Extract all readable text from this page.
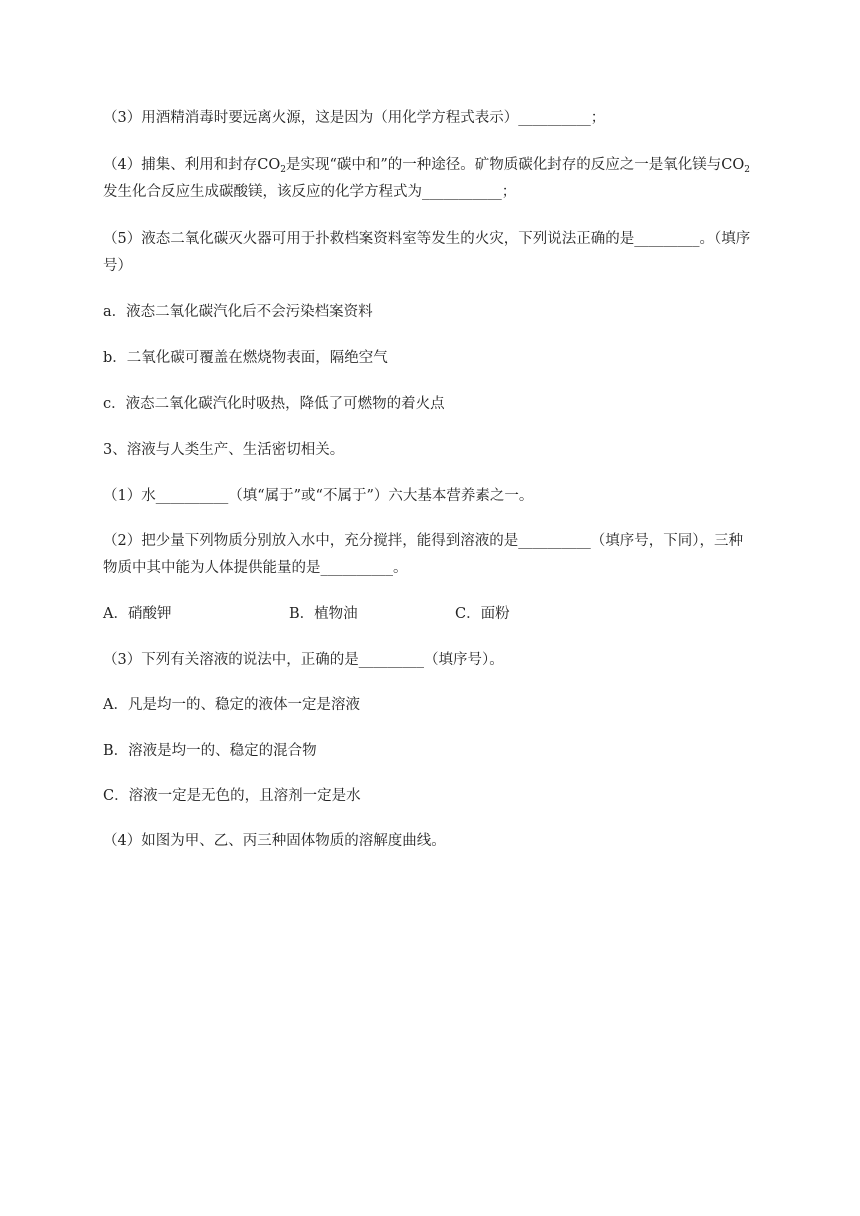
（3）用酒精消毒时要远离火源，这是因为（用化学方程式表示）__________；
（4）捕集、利用和封存$CO_2$是实现“碳中和”的一种途径。矿物质碳化封存的反应之一是氧化镁与$CO_2$
发生化合反应生成碳酸镁，该反应的化学方程式为___________；
（5）液态二氧化碳灭火器可用于扑救档案资料室等发生的火灾，下列说法正确的是_________。（填序
号）
a．液态二氧化碳汽化后不会污染档案资料
b．二氧化碳可覆盖在燃烧物表面，隔绝空气
c．液态二氧化碳汽化时吸热，降低了可燃物的着火点
3、溶液与人类生产、生活密切相关。
（1）水__________（填“属于”或“不属于”）六大基本营养素之一。
（2）把少量下列物质分别放入水中，充分搅拌，能得到溶液的是__________（填序号，下同），三种
物质中其中能为人体提供能量的是__________。
A．硝酸钾	B．植物油	C．面粉
（3）下列有关溶液的说法中，正确的是_________（填序号）。
A．凡是均一的、稳定的液体一定是溶液
B．溶液是均一的、稳定的混合物
C．溶液一定是无色的，且溶剂一定是水
（4）如图为甲、乙、丙三种固体物质的溶解度曲线。
